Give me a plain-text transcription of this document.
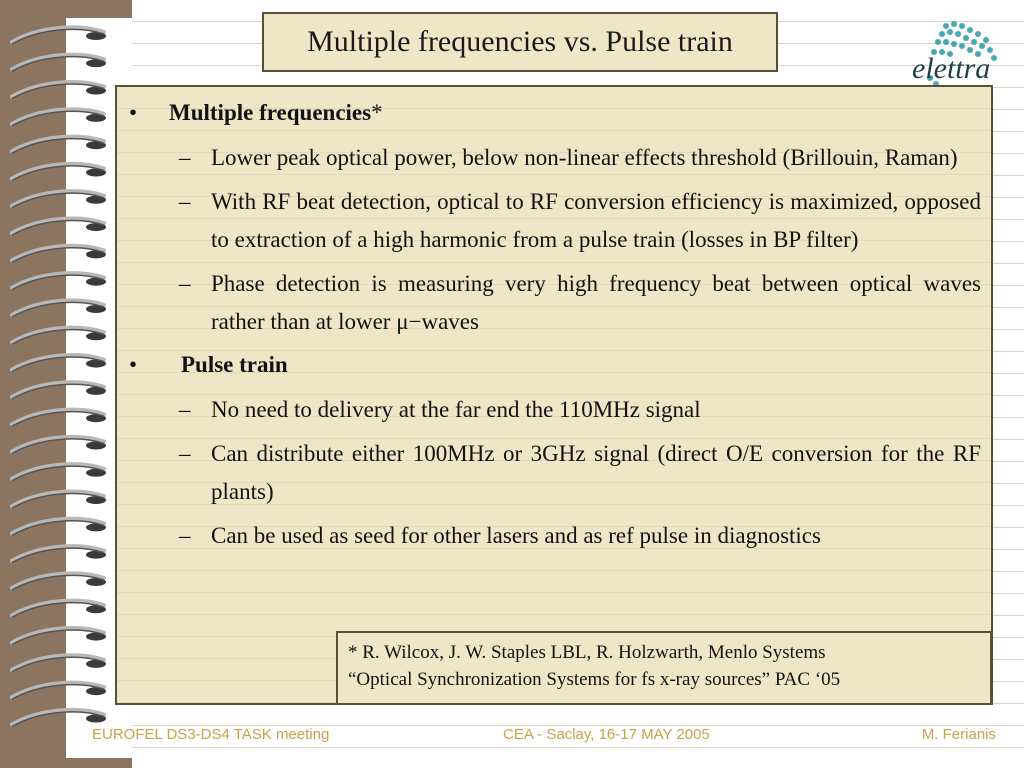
Multiple frequencies vs. Pulse train
elettra
• Multiple frequencies*
– Lower peak optical power, below non-linear effects threshold (Brillouin, Raman)
– With RF beat detection, optical to RF conversion efficiency is maximized, opposed to extraction of a high harmonic from a pulse train (losses in BP filter)
– Phase detection is measuring very high frequency beat between optical waves rather than at lower μ−waves
• Pulse train
– No need to delivery at the far end the 110MHz signal
– Can distribute either 100MHz or 3GHz signal (direct O/E conversion for the RF plants)
– Can be used as seed for other lasers and as ref pulse in diagnostics
* R. Wilcox, J. W. Staples LBL, R. Holzwarth, Menlo Systems
“Optical Synchronization Systems for fs x-ray sources” PAC ‘05
EUROFEL DS3-DS4 TASK meeting	CEA - Saclay, 16-17 MAY 2005	M. Ferianis
